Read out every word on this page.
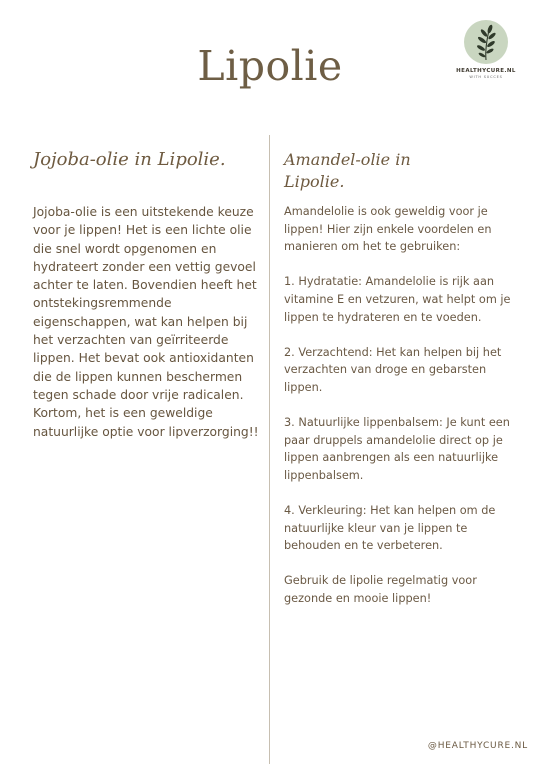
Lipolie	HEALTHYCURE.NL
WITH SUCCES
Jojoba-olie in Lipolie.

Jojoba-olie is een uitstekende keuze voor je lippen! Het is een lichte olie die snel wordt opgenomen en hydrateert zonder een vettig gevoel achter te laten. Bovendien heeft het ontstekingsremmende eigenschappen, wat kan helpen bij het verzachten van geïrriteerde lippen. Het bevat ook antioxidanten die de lippen kunnen beschermen tegen schade door vrije radicalen. Kortom, het is een geweldige natuurlijke optie voor lipverzorging!!

Amandel-olie in Lipolie.

Amandelolie is ook geweldig voor je lippen! Hier zijn enkele voordelen en manieren om het te gebruiken:

1. Hydratatie: Amandelolie is rijk aan vitamine E en vetzuren, wat helpt om je lippen te hydrateren en te voeden.

2. Verzachtend: Het kan helpen bij het verzachten van droge en gebarsten lippen.

3. Natuurlijke lippenbalsem: Je kunt een paar druppels amandelolie direct op je lippen aanbrengen als een natuurlijke lippenbalsem.

4. Verkleuring: Het kan helpen om de natuurlijke kleur van je lippen te behouden en te verbeteren.

Gebruik de lipolie regelmatig voor gezonde en mooie lippen!

@HEALTHYCURE.NL
